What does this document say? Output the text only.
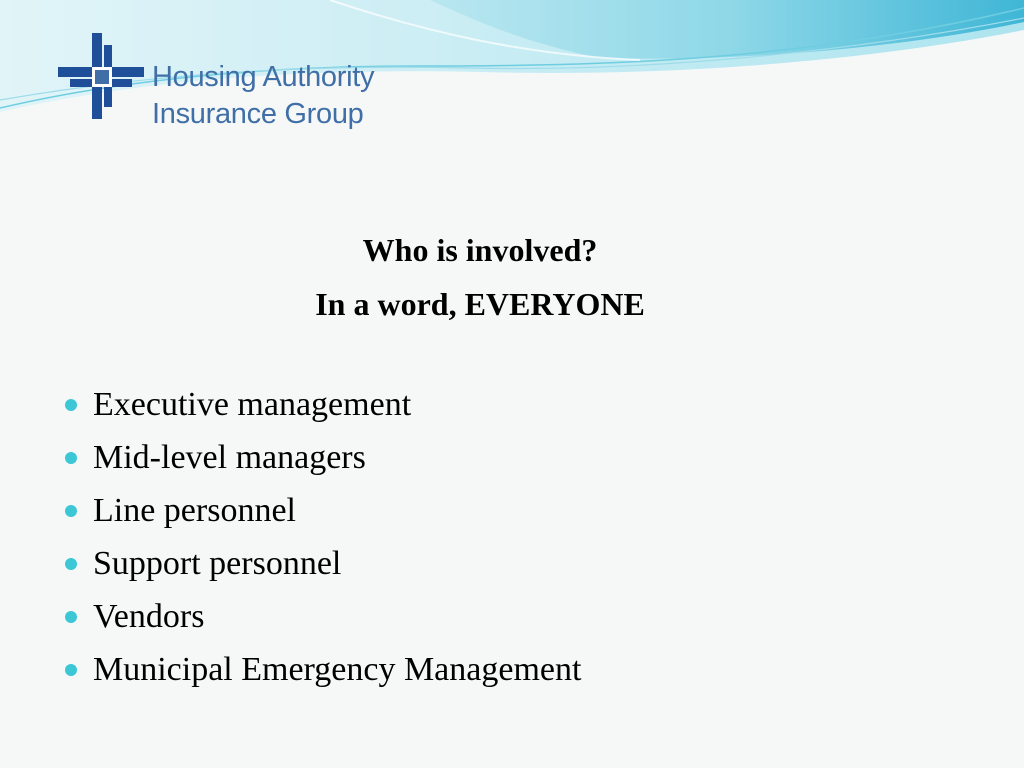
Housing Authority
Insurance Group
Who is involved?
In a word, EVERYONE
Executive management
Mid-level managers
Line personnel
Support personnel
Vendors
Municipal Emergency Management
